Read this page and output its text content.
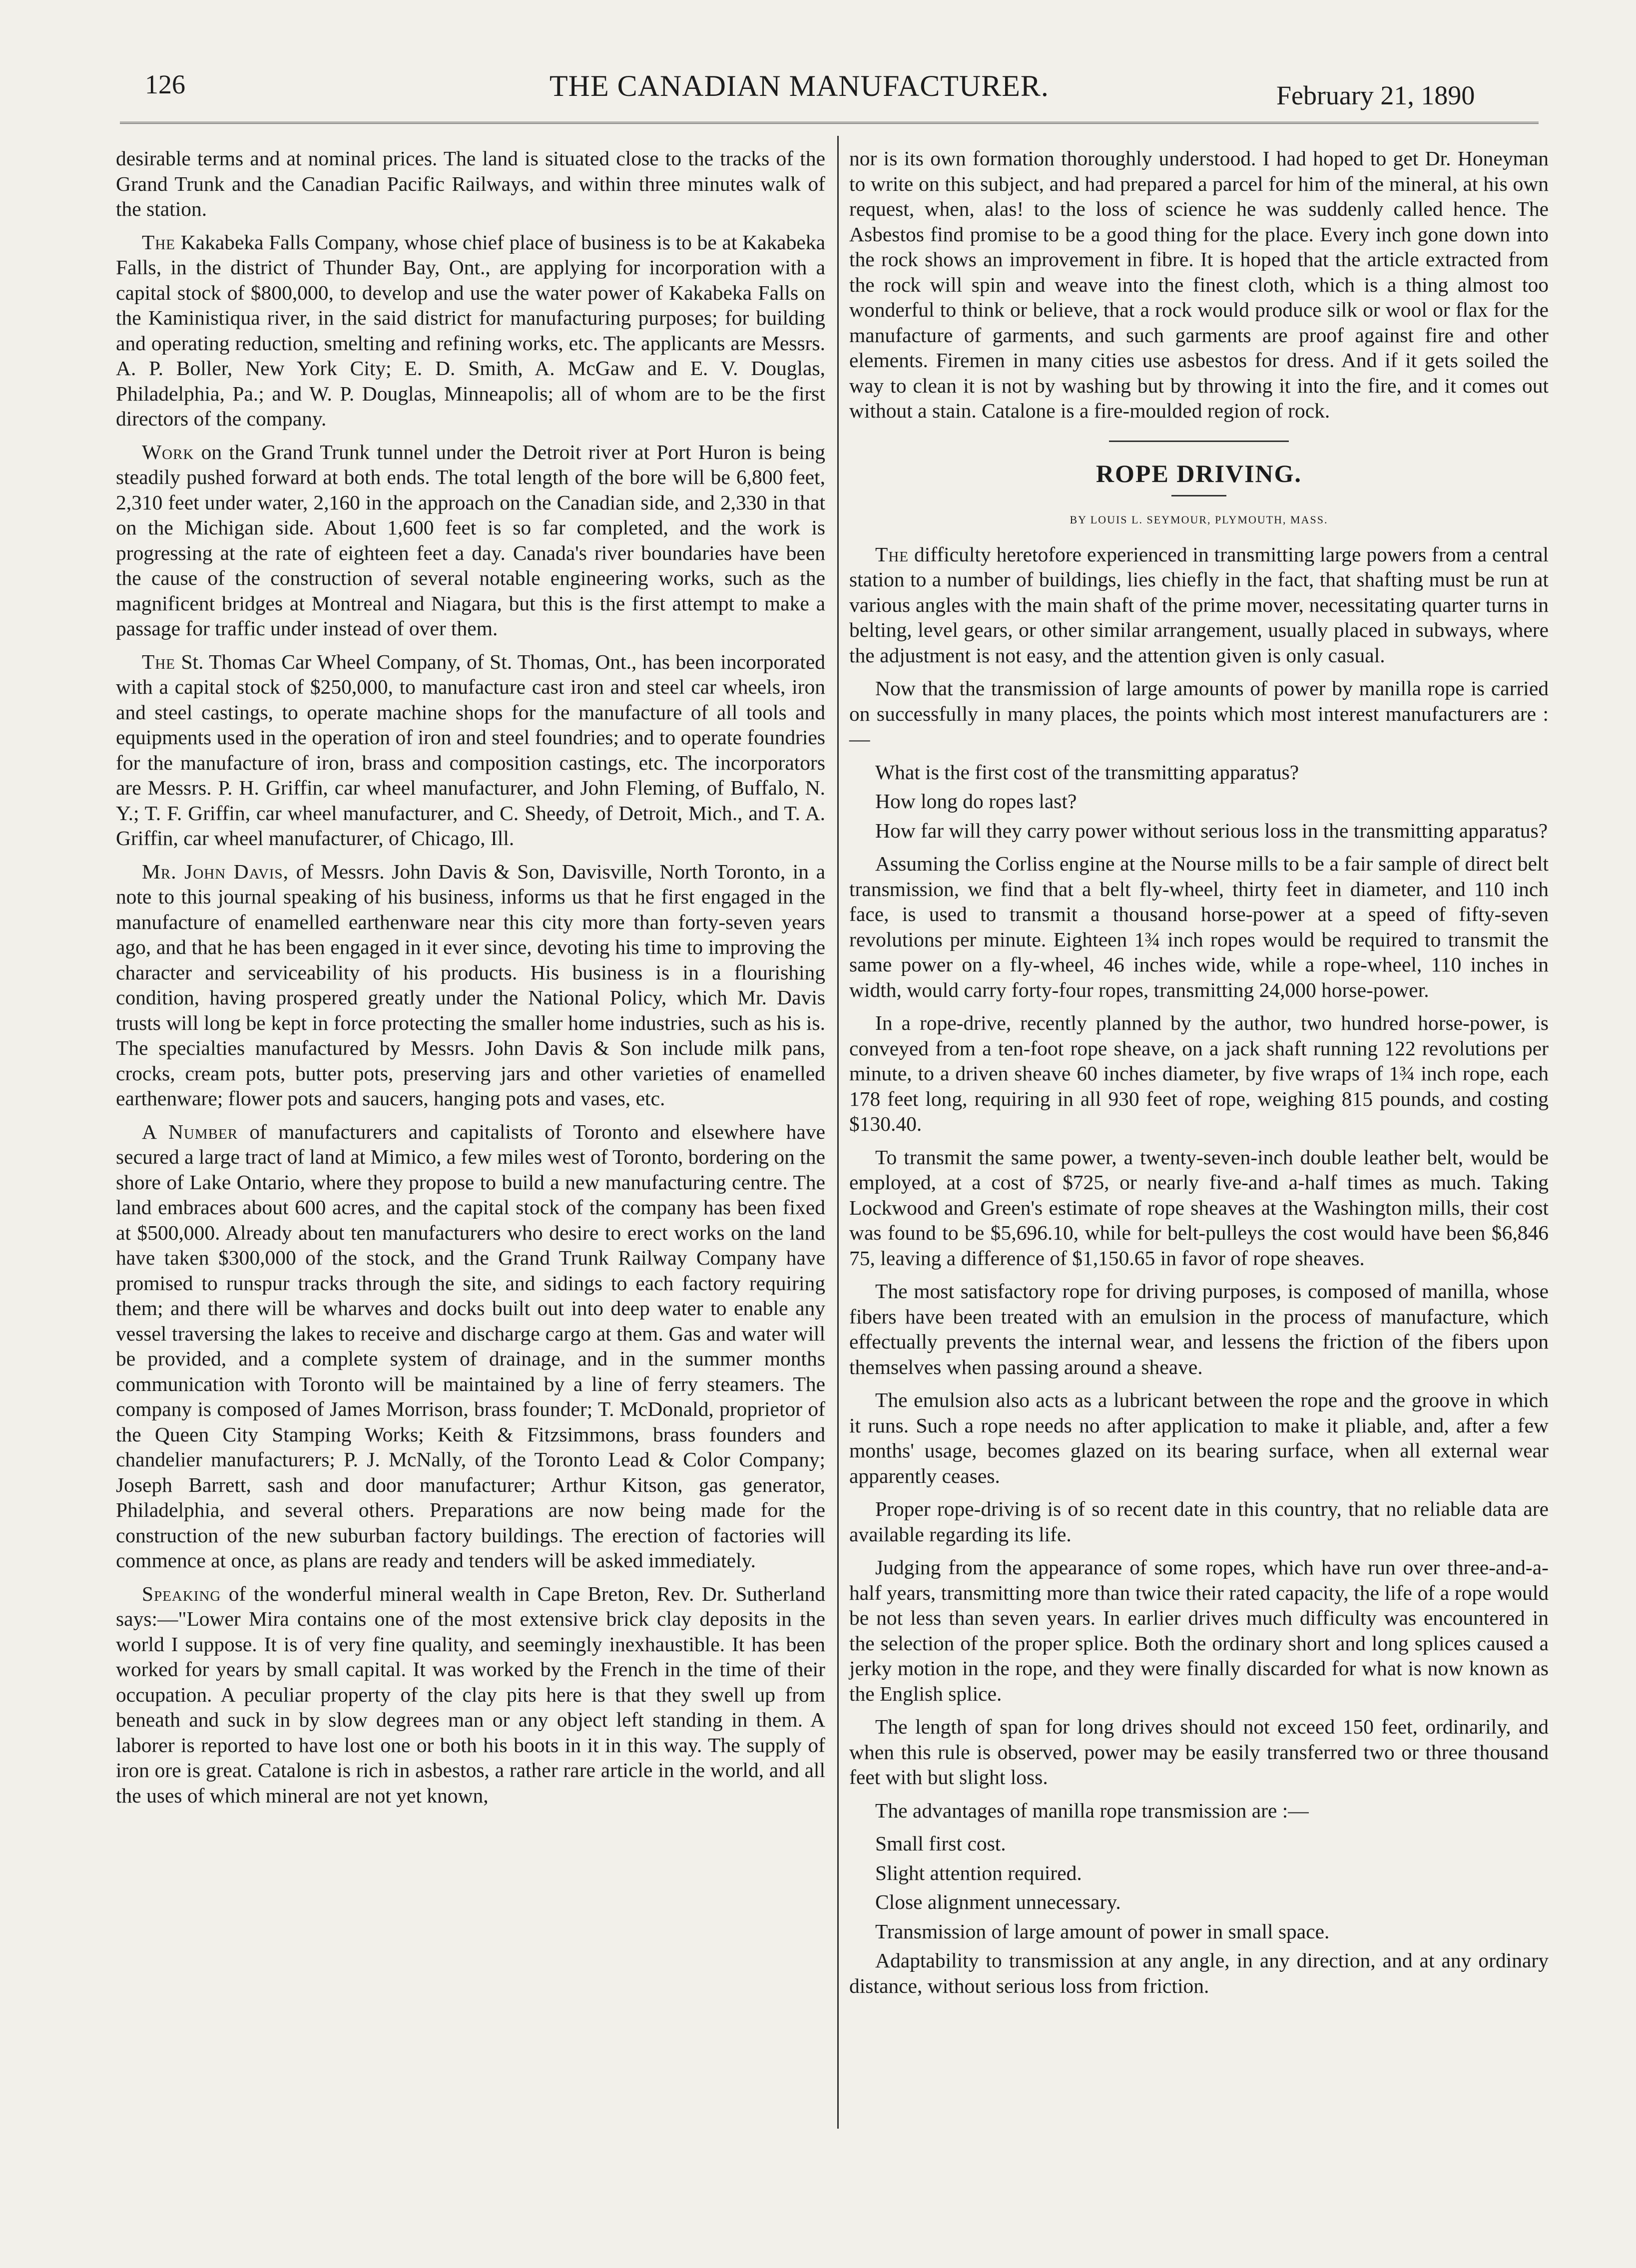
126	THE CANADIAN MANUFACTURER.	February 21, 1890

desirable terms and at nominal prices. The land is situated close to the tracks of the Grand Trunk and the Canadian Pacific Railways, and within three minutes walk of the station.

The Kakabeka Falls Company, whose chief place of business is to be at Kakabeka Falls, in the district of Thunder Bay, Ont., are applying for incorporation with a capital stock of $800,000, to develop and use the water power of Kakabeka Falls on the Kaministiqua river, in the said district for manufacturing purposes; for building and operating reduction, smelting and refining works, etc. The applicants are Messrs. A. P. Boller, New York City; E. D. Smith, A. McGaw and E. V. Douglas, Philadelphia, Pa.; and W. P. Douglas, Minneapolis; all of whom are to be the first directors of the company.

Work on the Grand Trunk tunnel under the Detroit river at Port Huron is being steadily pushed forward at both ends. The total length of the bore will be 6,800 feet, 2,310 feet under water, 2,160 in the approach on the Canadian side, and 2,330 in that on the Michigan side. About 1,600 feet is so far completed, and the work is progressing at the rate of eighteen feet a day. Canada's river boundaries have been the cause of the construction of several notable engineering works, such as the magnificent bridges at Montreal and Niagara, but this is the first attempt to make a passage for traffic under instead of over them.

The St. Thomas Car Wheel Company, of St. Thomas, Ont., has been incorporated with a capital stock of $250,000, to manufacture cast iron and steel car wheels, iron and steel castings, to operate machine shops for the manufacture of all tools and equipments used in the operation of iron and steel foundries; and to operate foundries for the manufacture of iron, brass and composition castings, etc. The incorporators are Messrs. P. H. Griffin, car wheel manufacturer, and John Fleming, of Buffalo, N. Y.; T. F. Griffin, car wheel manufacturer, and C. Sheedy, of Detroit, Mich., and T. A. Griffin, car wheel manufacturer, of Chicago, Ill.

Mr. John Davis, of Messrs. John Davis & Son, Davisville, North Toronto, in a note to this journal speaking of his business, informs us that he first engaged in the manufacture of enamelled earthenware near this city more than forty-seven years ago, and that he has been engaged in it ever since, devoting his time to improving the character and serviceability of his products. His business is in a flourishing condition, having prospered greatly under the National Policy, which Mr. Davis trusts will long be kept in force protecting the smaller home industries, such as his is. The specialties manufactured by Messrs. John Davis & Son include milk pans, crocks, cream pots, butter pots, preserving jars and other varieties of enamelled earthenware; flower pots and saucers, hanging pots and vases, etc.

A Number of manufacturers and capitalists of Toronto and elsewhere have secured a large tract of land at Mimico, a few miles west of Toronto, bordering on the shore of Lake Ontario, where they propose to build a new manufacturing centre. The land embraces about 600 acres, and the capital stock of the company has been fixed at $500,000. Already about ten manufacturers who desire to erect works on the land have taken $300,000 of the stock, and the Grand Trunk Railway Company have promised to runspur tracks through the site, and sidings to each factory requiring them; and there will be wharves and docks built out into deep water to enable any vessel traversing the lakes to receive and discharge cargo at them. Gas and water will be provided, and a complete system of drainage, and in the summer months communication with Toronto will be maintained by a line of ferry steamers. The company is composed of James Morrison, brass founder; T. McDonald, proprietor of the Queen City Stamping Works; Keith & Fitzsimmons, brass founders and chandelier manufacturers; P. J. McNally, of the Toronto Lead & Color Company; Joseph Barrett, sash and door manufacturer; Arthur Kitson, gas generator, Philadelphia, and several others. Preparations are now being made for the construction of the new suburban factory buildings. The erection of factories will commence at once, as plans are ready and tenders will be asked immediately.

Speaking of the wonderful mineral wealth in Cape Breton, Rev. Dr. Sutherland says:—"Lower Mira contains one of the most extensive brick clay deposits in the world I suppose. It is of very fine quality, and seemingly inexhaustible. It has been worked for years by small capital. It was worked by the French in the time of their occupation. A peculiar property of the clay pits here is that they swell up from beneath and suck in by slow degrees man or any object left standing in them. A laborer is reported to have lost one or both his boots in it in this way. The supply of iron ore is great. Catalone is rich in asbestos, a rather rare article in the world, and all the uses of which mineral are not yet known,

nor is its own formation thoroughly understood. I had hoped to get Dr. Honeyman to write on this subject, and had prepared a parcel for him of the mineral, at his own request, when, alas! to the loss of science he was suddenly called hence. The Asbestos find promise to be a good thing for the place. Every inch gone down into the rock shows an improvement in fibre. It is hoped that the article extracted from the rock will spin and weave into the finest cloth, which is a thing almost too wonderful to think or believe, that a rock would produce silk or wool or flax for the manufacture of garments, and such garments are proof against fire and other elements. Firemen in many cities use asbestos for dress. And if it gets soiled the way to clean it is not by washing but by throwing it into the fire, and it comes out without a stain. Catalone is a fire-moulded region of rock.

ROPE DRIVING.
BY LOUIS L. SEYMOUR, PLYMOUTH, MASS.

The difficulty heretofore experienced in transmitting large powers from a central station to a number of buildings, lies chiefly in the fact, that shafting must be run at various angles with the main shaft of the prime mover, necessitating quarter turns in belting, level gears, or other similar arrangement, usually placed in subways, where the adjustment is not easy, and the attention given is only casual.

Now that the transmission of large amounts of power by manilla rope is carried on successfully in many places, the points which most interest manufacturers are :—

What is the first cost of the transmitting apparatus?

How long do ropes last?

How far will they carry power without serious loss in the transmitting apparatus?

Assuming the Corliss engine at the Nourse mills to be a fair sample of direct belt transmission, we find that a belt fly-wheel, thirty feet in diameter, and 110 inch face, is used to transmit a thousand horse-power at a speed of fifty-seven revolutions per minute. Eighteen 1¾ inch ropes would be required to transmit the same power on a fly-wheel, 46 inches wide, while a rope-wheel, 110 inches in width, would carry forty-four ropes, transmitting 24,000 horse-power.

In a rope-drive, recently planned by the author, two hundred horse-power, is conveyed from a ten-foot rope sheave, on a jack shaft running 122 revolutions per minute, to a driven sheave 60 inches diameter, by five wraps of 1¾ inch rope, each 178 feet long, requiring in all 930 feet of rope, weighing 815 pounds, and costing $130.40.

To transmit the same power, a twenty-seven-inch double leather belt, would be employed, at a cost of $725, or nearly five-and a-half times as much. Taking Lockwood and Green's estimate of rope sheaves at the Washington mills, their cost was found to be $5,696.10, while for belt-pulleys the cost would have been $6,846 75, leaving a difference of $1,150.65 in favor of rope sheaves.

The most satisfactory rope for driving purposes, is composed of manilla, whose fibers have been treated with an emulsion in the process of manufacture, which effectually prevents the internal wear, and lessens the friction of the fibers upon themselves when passing around a sheave.

The emulsion also acts as a lubricant between the rope and the groove in which it runs. Such a rope needs no after application to make it pliable, and, after a few months' usage, becomes glazed on its bearing surface, when all external wear apparently ceases.

Proper rope-driving is of so recent date in this country, that no reliable data are available regarding its life.

Judging from the appearance of some ropes, which have run over three-and-a-half years, transmitting more than twice their rated capacity, the life of a rope would be not less than seven years. In earlier drives much difficulty was encountered in the selection of the proper splice. Both the ordinary short and long splices caused a jerky motion in the rope, and they were finally discarded for what is now known as the English splice.

The length of span for long drives should not exceed 150 feet, ordinarily, and when this rule is observed, power may be easily transferred two or three thousand feet with but slight loss.

The advantages of manilla rope transmission are :—

Small first cost.

Slight attention required.

Close alignment unnecessary.

Transmission of large amount of power in small space.

Adaptability to transmission at any angle, in any direction, and at any ordinary distance, without serious loss from friction.
